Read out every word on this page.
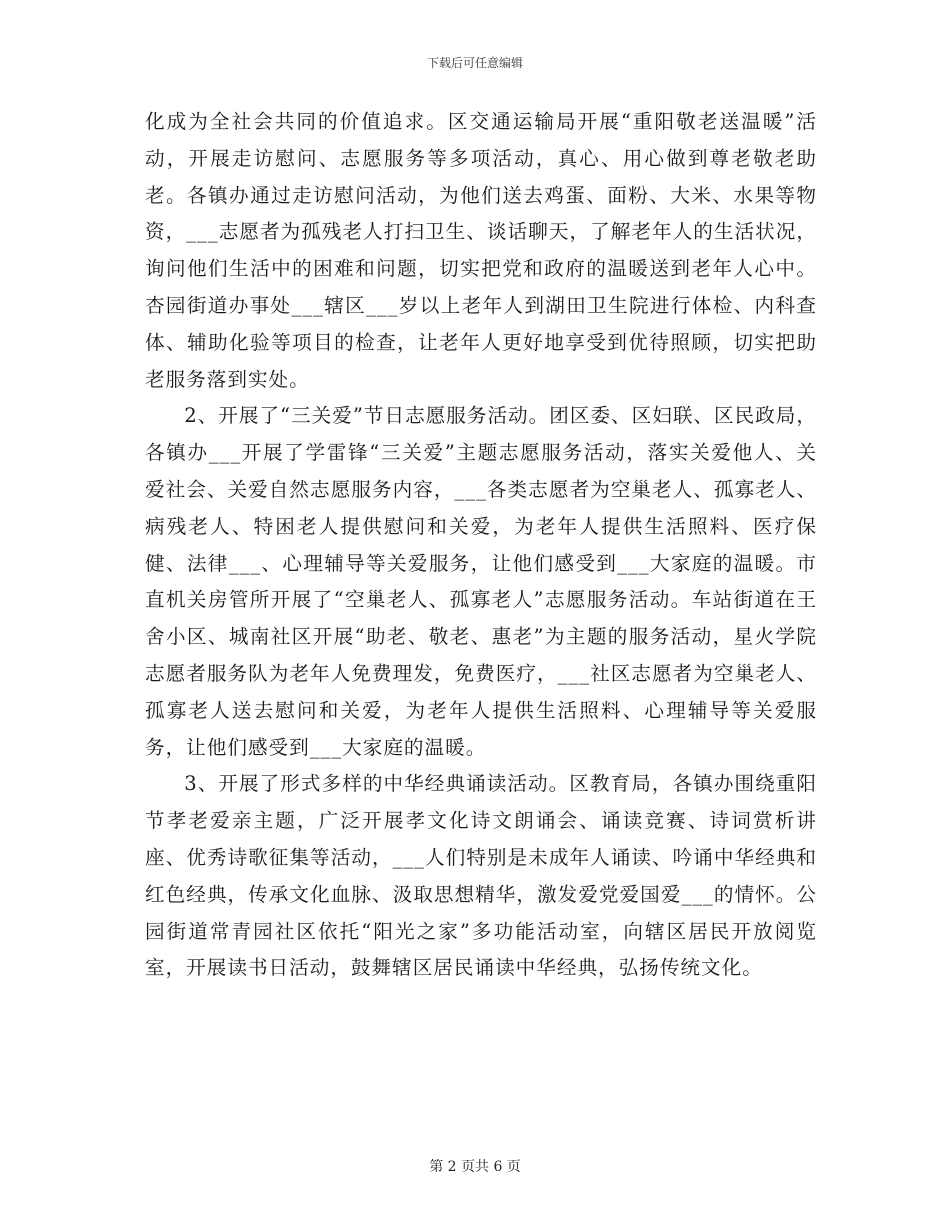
下载后可任意编辑

化成为全社会共同的价值追求。区交通运输局开展“重阳敬老送温暖”活动，开展走访慰问、志愿服务等多项活动，真心、用心做到尊老敬老助老。各镇办通过走访慰问活动，为他们送去鸡蛋、面粉、大米、水果等物资，___志愿者为孤残老人打扫卫生、谈话聊天，了解老年人的生活状况，询问他们生活中的困难和问题，切实把党和政府的温暖送到老年人心中。杏园街道办事处___辖区___岁以上老年人到湖田卫生院进行体检、内科查体、辅助化验等项目的检查，让老年人更好地享受到优待照顾，切实把助老服务落到实处。

2、开展了“三关爱”节日志愿服务活动。团区委、区妇联、区民政局，各镇办___开展了学雷锋“三关爱”主题志愿服务活动，落实关爱他人、关爱社会、关爱自然志愿服务内容，___各类志愿者为空巢老人、孤寡老人、病残老人、特困老人提供慰问和关爱，为老年人提供生活照料、医疗保健、法律___、心理辅导等关爱服务，让他们感受到___大家庭的温暖。市直机关房管所开展了“空巢老人、孤寡老人”志愿服务活动。车站街道在王舍小区、城南社区开展“助老、敬老、惠老”为主题的服务活动，星火学院志愿者服务队为老年人免费理发，免费医疗，___社区志愿者为空巢老人、孤寡老人送去慰问和关爱，为老年人提供生活照料、心理辅导等关爱服务，让他们感受到___大家庭的温暖。

3、开展了形式多样的中华经典诵读活动。区教育局，各镇办围绕重阳节孝老爱亲主题，广泛开展孝文化诗文朗诵会、诵读竞赛、诗词赏析讲座、优秀诗歌征集等活动，___人们特别是未成年人诵读、吟诵中华经典和红色经典，传承文化血脉、汲取思想精华，激发爱党爱国爱___的情怀。公园街道常青园社区依托“阳光之家”多功能活动室，向辖区居民开放阅览室，开展读书日活动，鼓舞辖区居民诵读中华经典，弘扬传统文化。

第 2 页共 6 页
